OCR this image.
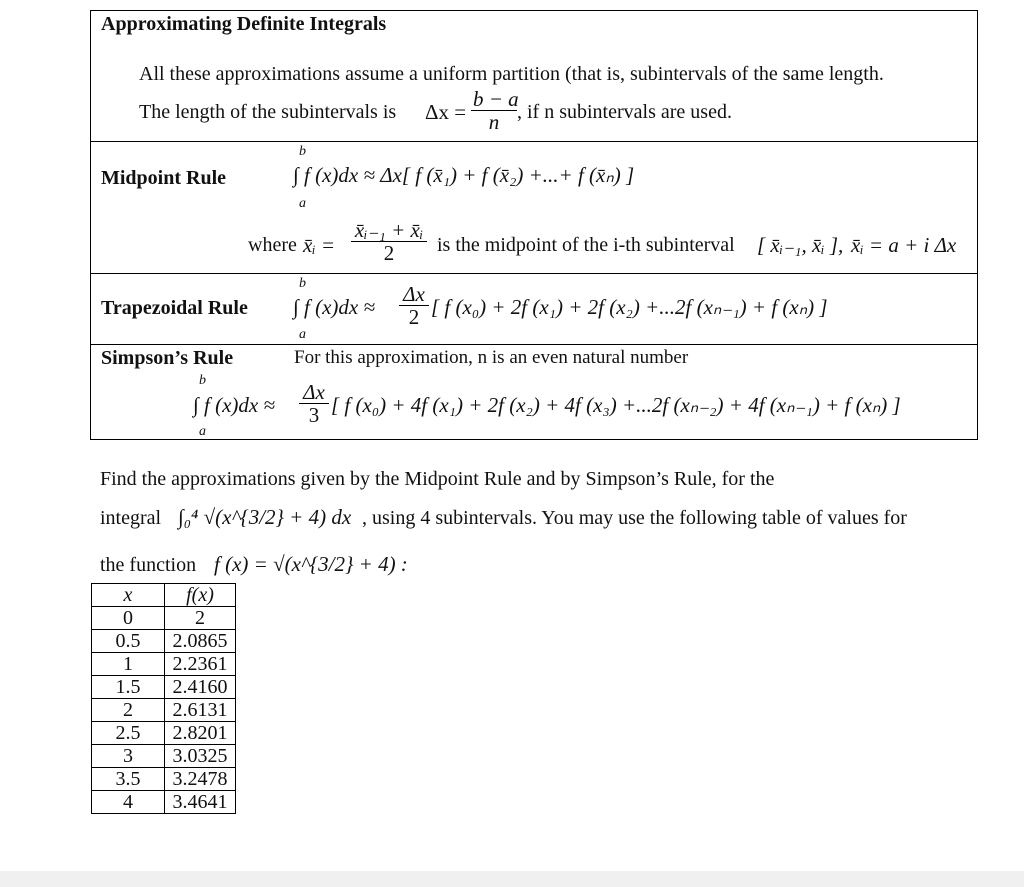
Approximating Definite Integrals
All these approximations assume a uniform partition (that is, subintervals of the same length.
The length of the subintervals is $\Delta x = \frac{b - a}{n}$ , if n subintervals are used.
Midpoint Rule
b
a
∫ f (x)dx ≈ Δx[ f (x̄₁) + f (x̄₂) +...+ f (x̄ₙ) ]
where x̄ᵢ = $\frac{\text{x̄ᵢ₋₁ + x̄ᵢ}}{2}$ is the midpoint of the i-th subinterval [ x̄ᵢ₋₁, x̄ᵢ ], x̄ᵢ = a + i Δx
Trapezoidal Rule
b
a
∫ f $(x)dx \approx \frac{\Delta x}{2}$ [ f (x₀) + 2f (x₁) + 2f (x₂) +...2f (xₙ₋₁) + f (xₙ) ]
Simpson’s Rule	For this approximation, n is an even natural number
b
a
∫ f $(x)dx \approx \frac{\Delta x}{3}$ [ f (x₀) + 4f (x₁) + 2f (x₂) + 4f (x₃) +...2f (xₙ₋₂) + 4f (xₙ₋₁) + f (xₙ) ]
Find the approximations given by the Midpoint Rule and by Simpson’s Rule, for the
integral ∫₀⁴ √(x^{3/2} + 4) dx , using 4 subintervals. You may use the following table of values for
the function f (x) = √(x^{3/2} + 4) :
x	f(x)
0	2
0.5	2.0865
1	2.2361
1.5	2.4160
2	2.6131
2.5	2.8201
3	3.0325
3.5	3.2478
4	3.4641
